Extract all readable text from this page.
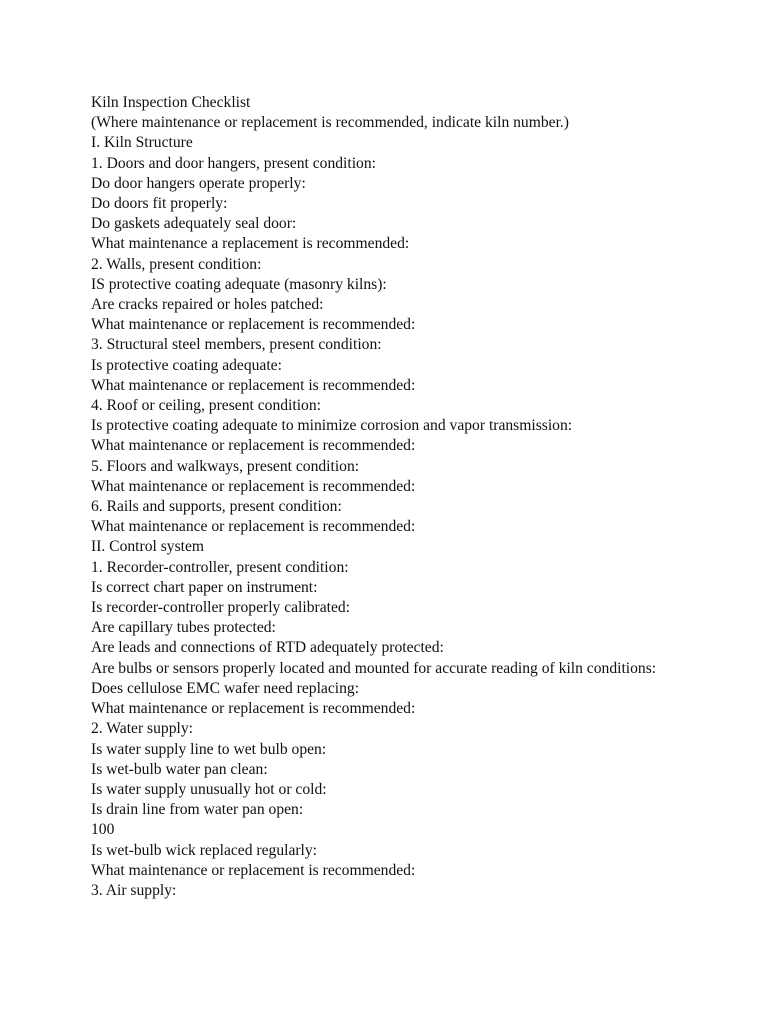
Kiln Inspection Checklist
(Where maintenance or replacement is recommended, indicate kiln number.)
I. Kiln Structure
1. Doors and door hangers, present condition:
Do door hangers operate properly:
Do doors fit properly:
Do gaskets adequately seal door:
What maintenance a replacement is recommended:
2. Walls, present condition:
IS protective coating adequate (masonry kilns):
Are cracks repaired or holes patched:
What maintenance or replacement is recommended:
3. Structural steel members, present condition:
Is protective coating adequate:
What maintenance or replacement is recommended:
4. Roof or ceiling, present condition:
Is protective coating adequate to minimize corrosion and vapor transmission:
What maintenance or replacement is recommended:
5. Floors and walkways, present condition:
What maintenance or replacement is recommended:
6. Rails and supports, present condition:
What maintenance or replacement is recommended:
II. Control system
1. Recorder-controller, present condition:
Is correct chart paper on instrument:
Is recorder-controller properly calibrated:
Are capillary tubes protected:
Are leads and connections of RTD adequately protected:
Are bulbs or sensors properly located and mounted for accurate reading of kiln conditions:
Does cellulose EMC wafer need replacing:
What maintenance or replacement is recommended:
2. Water supply:
Is water supply line to wet bulb open:
Is wet-bulb water pan clean:
Is water supply unusually hot or cold:
Is drain line from water pan open:
100
Is wet-bulb wick replaced regularly:
What maintenance or replacement is recommended:
3. Air supply:
